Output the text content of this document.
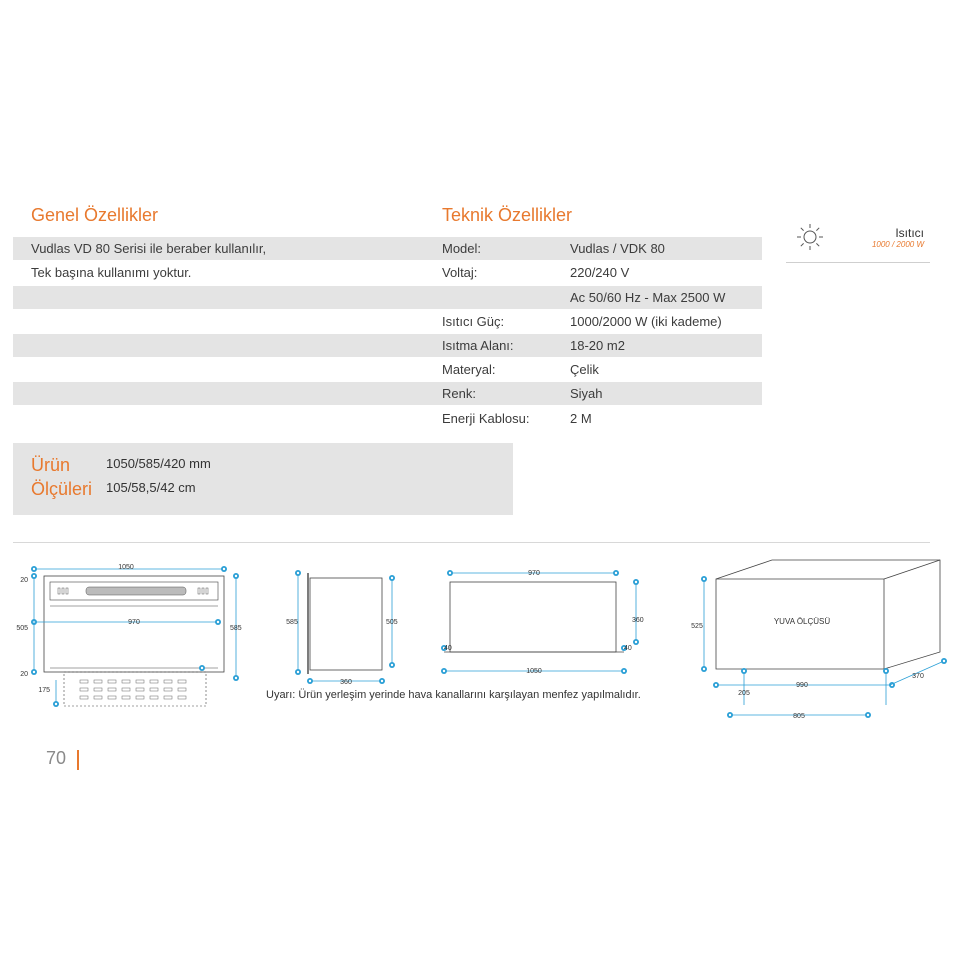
Genel Özellikler	Teknik Özellikler
Vudlas VD 80 Serisi ile beraber kullanılır,
Tek başına kullanımı yoktur.
Model:	Vudlas / VDK 80
Voltaj:	220/240 V
Ac 50/60 Hz - Max 2500 W
Isıtıcı Güç:	1000/2000 W (iki kademe)
Isıtma Alanı:	18-20 m2
Materyal:	Çelik
Renk:	Siyah
Enerji Kablosu:	2 M
Isıtıcı
1000 / 2000 W
Ürün
Ölçüleri
1050/585/420 mm
105/58,5/42 cm
1050
970
505
20
20
585
175
585	505
360
970
360
40	40
1050
YUVA ÖLÇÜSÜ
525
990
370
205
805
Uyarı: Ürün yerleşim yerinde hava kanallarını karşılayan menfez yapılmalıdır.
70
